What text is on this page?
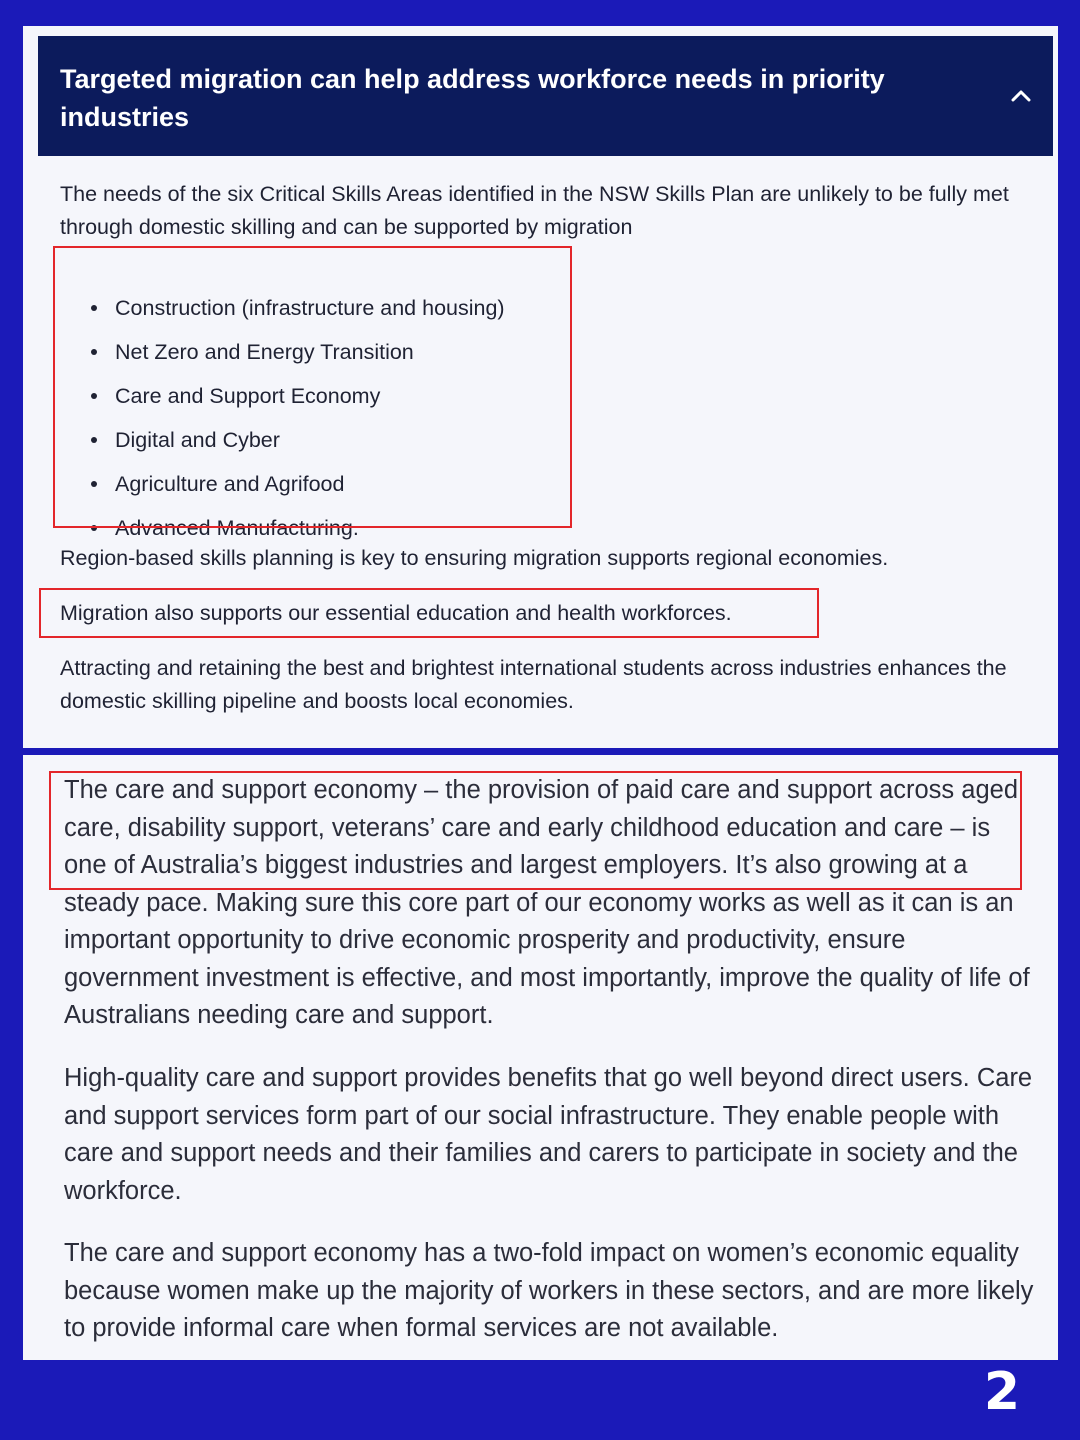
Targeted migration can help address workforce needs in priority industries

The needs of the six Critical Skills Areas identified in the NSW Skills Plan are unlikely to be fully met through domestic skilling and can be supported by migration

Construction (infrastructure and housing)
Net Zero and Energy Transition
Care and Support Economy
Digital and Cyber
Agriculture and Agrifood
Advanced Manufacturing.

Region-based skills planning is key to ensuring migration supports regional economies.

Migration also supports our essential education and health workforces.

Attracting and retaining the best and brightest international students across industries enhances the domestic skilling pipeline and boosts local economies.

The care and support economy – the provision of paid care and support across aged care, disability support, veterans’ care and early childhood education and care – is one of Australia’s biggest industries and largest employers. It’s also growing at a steady pace. Making sure this core part of our economy works as well as it can is an important opportunity to drive economic prosperity and productivity, ensure government investment is effective, and most importantly, improve the quality of life of Australians needing care and support.

High-quality care and support provides benefits that go well beyond direct users. Care and support services form part of our social infrastructure. They enable people with care and support needs and their families and carers to participate in society and the workforce.

The care and support economy has a two-fold impact on women’s economic equality because women make up the majority of workers in these sectors, and are more likely to provide informal care when formal services are not available.

2
